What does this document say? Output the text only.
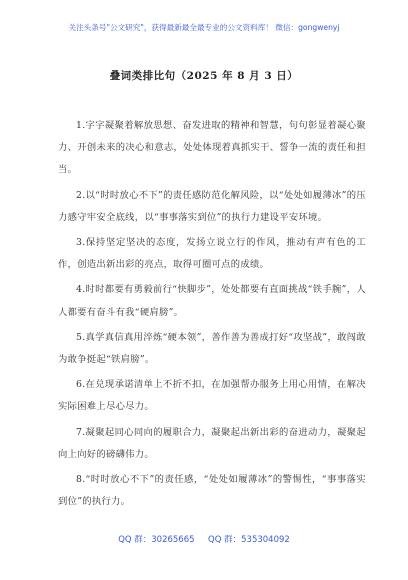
关注头条号"公文研究"，获得最新最全最专业的公文资料库！ 微信：gongwenyj
叠词类排比句（2025 年 8 月 3 日）

1.字字凝聚着解放思想、奋发进取的精神和智慧，句句彰显着凝心聚力、开创未来的决心和意志，处处体现着真抓实干、誓争一流的责任和担当。

2.以“时时放心不下”的责任感防范化解风险，以“处处如履薄冰”的压力感守牢安全底线，以“事事落实到位”的执行力建设平安环境。

3.保持坚定坚决的态度，发扬立说立行的作风，推动有声有色的工作，创造出新出彩的亮点，取得可圈可点的成绩。

4.时时都要有勇毅前行“快脚步”，处处都要有直面挑战“铁手腕”，人人都要有奋斗有我“硬肩膀”。

5.真学真信真用淬炼“硬本领”，善作善为善成打好“攻坚战”，敢闯敢为敢争挺起“铁肩膀”。

6.在兑现承诺清单上不折不扣，在加强帮办服务上用心用情，在解决实际困难上尽心尽力。

7.凝聚起同心同向的履职合力，凝聚起出新出彩的奋进动力，凝聚起向上向好的磅礴伟力。

8.“时时放心不下”的责任感，“处处如履薄冰”的警惕性，“事事落实到位”的执行力。

QQ 群：30265665     QQ 群：535304092
